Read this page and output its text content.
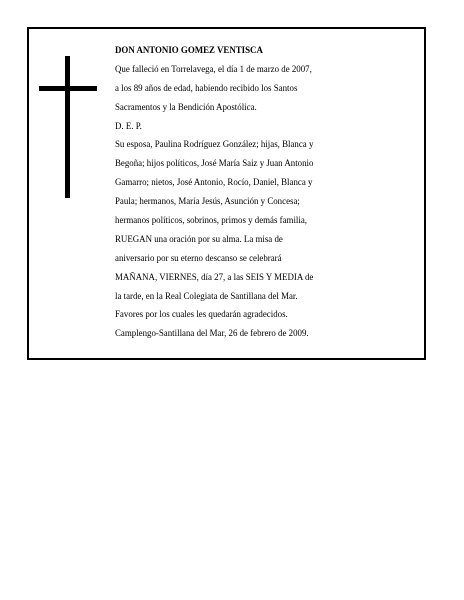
DON ANTONIO GOMEZ VENTISCA
Que falleció en Torrelavega, el día 1 de marzo de 2007,
a los 89 años de edad, habiendo recibido los Santos
Sacramentos y la Bendición Apostólica.
D. E. P.
Su esposa, Paulina Rodríguez González; hijas, Blanca y
Begoña; hijos políticos, José María Saiz y Juan Antonio
Gamarro; nietos, José Antonio, Rocío, Daniel, Blanca y
Paula; hermanos, María Jesús, Asunción y Concesa;
hermanos políticos, sobrinos, primos y demás familia,
RUEGAN una oración por su alma. La misa de
aniversario por su eterno descanso se celebrará
MAÑANA, VIERNES, día 27, a las SEIS Y MEDIA de
la tarde, en la Real Colegiata de Santillana del Mar.
Favores por los cuales les quedarán agradecidos.
Camplengo-Santillana del Mar, 26 de febrero de 2009.
